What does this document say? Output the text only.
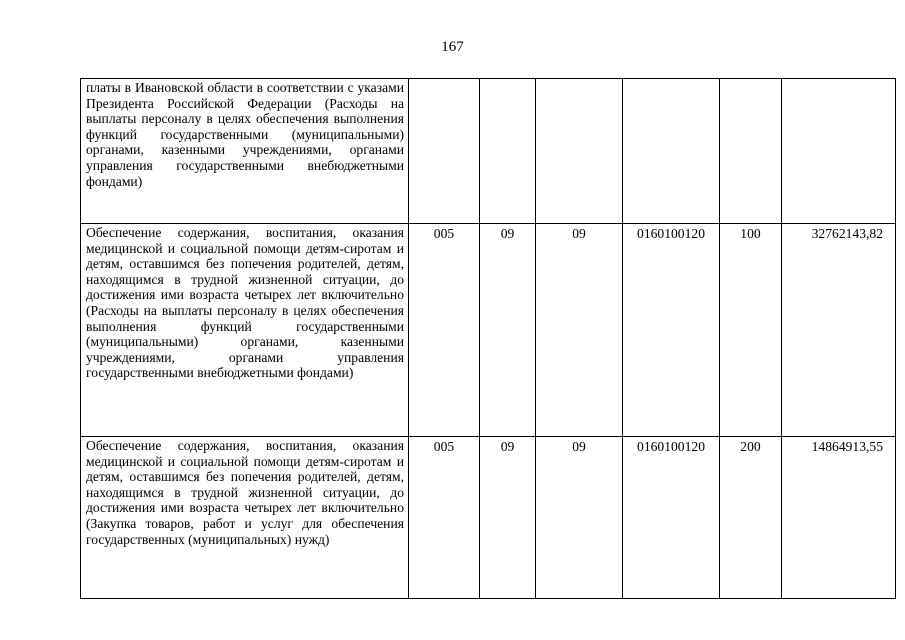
167
платы в Ивановской области в соответствии с указами Президента Российской Федерации (Расходы на выплаты персоналу в целях обеспечения выполнения функций государственными (муниципальными) органами, казенными учреждениями, органами управления государственными внебюджетными фондами)						
Обеспечение содержания, воспитания, оказания медицинской и социальной помощи детям-сиротам и детям, оставшимся без попечения родителей, детям, находящимся в трудной жизненной ситуации, до достижения ими возраста четырех лет включительно (Расходы на выплаты персоналу в целях обеспечения выполнения функций государственными (муниципальными) органами, казенными учреждениями, органами управления государственными внебюджетными фондами)	005	09	09	0160100120	100	32762143,82
Обеспечение содержания, воспитания, оказания медицинской и социальной помощи детям-сиротам и детям, оставшимся без попечения родителей, детям, находящимся в трудной жизненной ситуации, до достижения ими возраста четырех лет включительно (Закупка товаров, работ и услуг для обеспечения государственных (муниципальных) нужд)	005	09	09	0160100120	200	14864913,55
